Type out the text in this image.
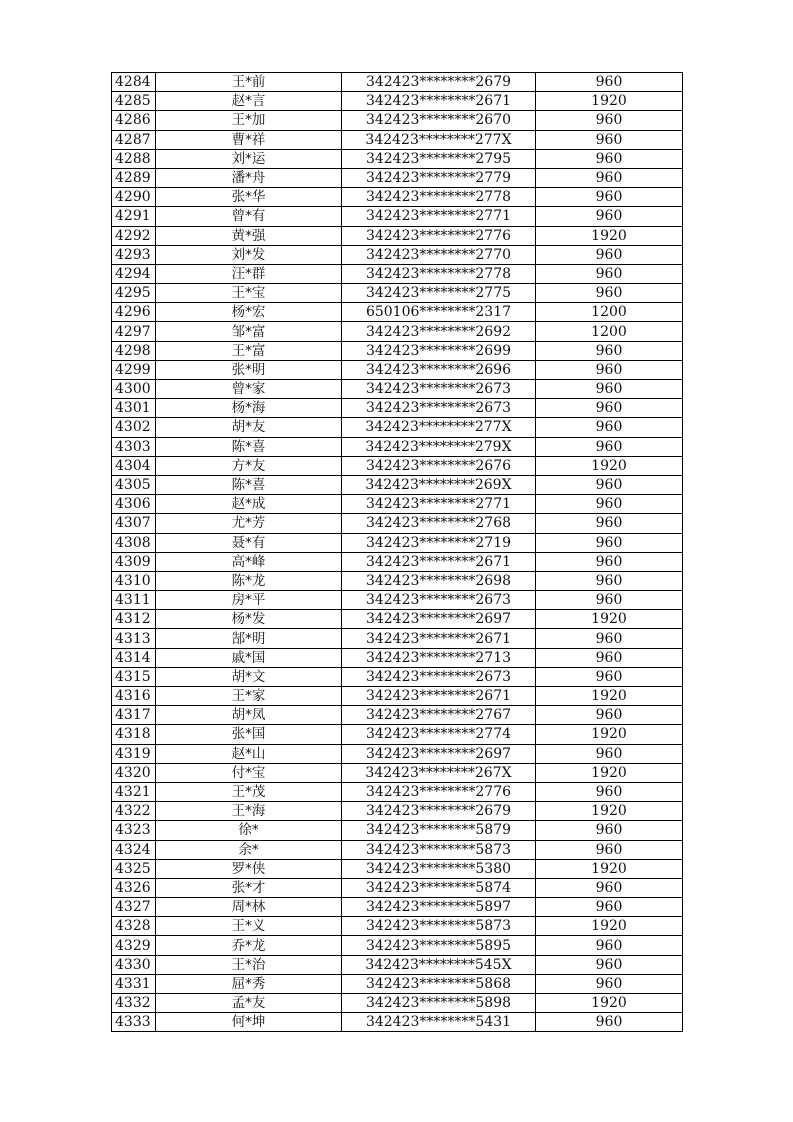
4284	王*前	342423********2679	960
4285	赵*言	342423********2671	1920
4286	王*加	342423********2670	960
4287	曹*祥	342423********277X	960
4288	刘*运	342423********2795	960
4289	潘*舟	342423********2779	960
4290	张*华	342423********2778	960
4291	曾*有	342423********2771	960
4292	黄*强	342423********2776	1920
4293	刘*发	342423********2770	960
4294	汪*群	342423********2778	960
4295	王*宝	342423********2775	960
4296	杨*宏	650106********2317	1200
4297	邹*富	342423********2692	1200
4298	王*富	342423********2699	960
4299	张*明	342423********2696	960
4300	曾*家	342423********2673	960
4301	杨*海	342423********2673	960
4302	胡*友	342423********277X	960
4303	陈*喜	342423********279X	960
4304	方*友	342423********2676	1920
4305	陈*喜	342423********269X	960
4306	赵*成	342423********2771	960
4307	尤*芳	342423********2768	960
4308	聂*有	342423********2719	960
4309	高*峰	342423********2671	960
4310	陈*龙	342423********2698	960
4311	房*平	342423********2673	960
4312	杨*发	342423********2697	1920
4313	郜*明	342423********2671	960
4314	戚*国	342423********2713	960
4315	胡*文	342423********2673	960
4316	王*家	342423********2671	1920
4317	胡*凤	342423********2767	960
4318	张*国	342423********2774	1920
4319	赵*山	342423********2697	960
4320	付*宝	342423********267X	1920
4321	王*茂	342423********2776	960
4322	王*海	342423********2679	1920
4323	徐*	342423********5879	960
4324	余*	342423********5873	960
4325	罗*侠	342423********5380	1920
4326	张*才	342423********5874	960
4327	周*林	342423********5897	960
4328	王*义	342423********5873	1920
4329	乔*龙	342423********5895	960
4330	王*治	342423********545X	960
4331	屈*秀	342423********5868	960
4332	孟*友	342423********5898	1920
4333	何*坤	342423********5431	960
